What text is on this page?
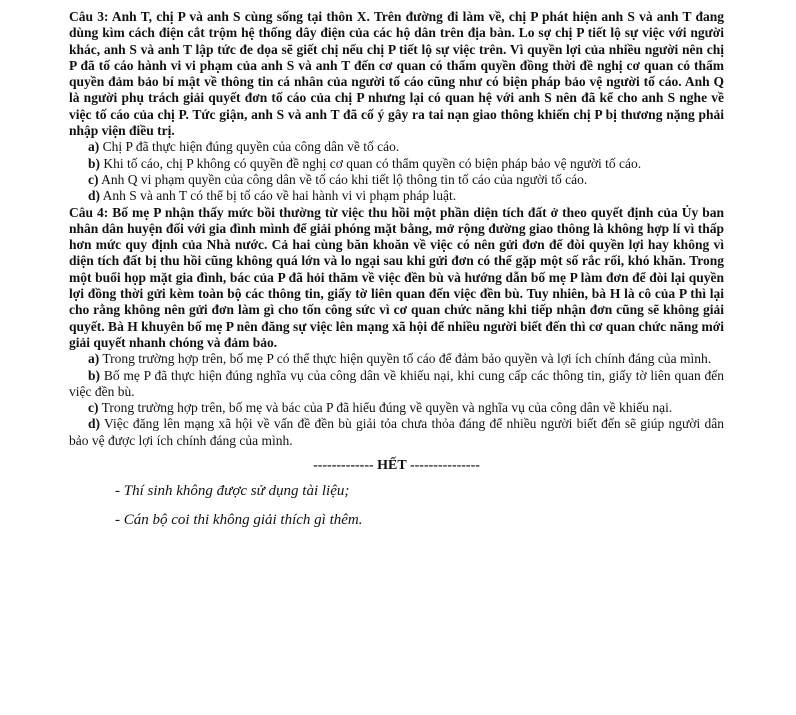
Câu 3: Anh T, chị P và anh S cùng sống tại thôn X. Trên đường đi làm về, chị P phát hiện anh S và anh T đang dùng kìm cách điện cắt trộm hệ thống dây điện của các hộ dân trên địa bàn. Lo sợ chị P tiết lộ sự việc với người khác, anh S và anh T lập tức đe dọa sẽ giết chị nếu chị P tiết lộ sự việc trên. Vì quyền lợi của nhiều người nên chị P đã tố cáo hành vi vi phạm của anh S và anh T đến cơ quan có thẩm quyền đồng thời đề nghị cơ quan có thẩm quyền đảm bảo bí mật về thông tin cá nhân của người tố cáo cũng như có biện pháp bảo vệ người tố cáo. Anh Q là người phụ trách giải quyết đơn tố cáo của chị P nhưng lại có quan hệ với anh S nên đã kể cho anh S nghe về việc tố cáo của chị P. Tức giận, anh S và anh T đã cố ý gây ra tai nạn giao thông khiến chị P bị thương nặng phải nhập viện điều trị.

a) Chị P đã thực hiện đúng quyền của công dân về tố cáo.

b) Khi tố cáo, chị P không có quyền đề nghị cơ quan có thẩm quyền có biện pháp bảo vệ người tố cáo.

c) Anh Q vi phạm quyền của công dân về tố cáo khi tiết lộ thông tin tố cáo của người tố cáo.

d) Anh S và anh T có thể bị tố cáo về hai hành vi vi phạm pháp luật.

Câu 4: Bố mẹ P nhận thấy mức bồi thường từ việc thu hồi một phần diện tích đất ở theo quyết định của Ủy ban nhân dân huyện đối với gia đình mình để giải phóng mặt bằng, mở rộng đường giao thông là không hợp lí vì thấp hơn mức quy định của Nhà nước. Cả hai cùng băn khoăn về việc có nên gửi đơn để đòi quyền lợi hay không vì diện tích đất bị thu hồi cũng không quá lớn và lo ngại sau khi gửi đơn có thể gặp một số rắc rối, khó khăn. Trong một buổi họp mặt gia đình, bác của P đã hỏi thăm về việc đền bù và hướng dẫn bố mẹ P làm đơn để đòi lại quyền lợi đồng thời gửi kèm toàn bộ các thông tin, giấy tờ liên quan đến việc đền bù. Tuy nhiên, bà H là cô của P thì lại cho rằng không nên gửi đơn làm gì cho tốn công sức vì cơ quan chức năng khi tiếp nhận đơn cũng sẽ không giải quyết. Bà H khuyên bố mẹ P nên đăng sự việc lên mạng xã hội để nhiều người biết đến thì cơ quan chức năng mới giải quyết nhanh chóng và đảm bảo.

a) Trong trường hợp trên, bố mẹ P có thể thực hiện quyền tố cáo để đảm bảo quyền và lợi ích chính đáng của mình.

b) Bố mẹ P đã thực hiện đúng nghĩa vụ của công dân về khiếu nại, khi cung cấp các thông tin, giấy tờ liên quan đến việc đền bù.

c) Trong trường hợp trên, bố mẹ và bác của P đã hiểu đúng về quyền và nghĩa vụ của công dân về khiếu nại.

d) Việc đăng lên mạng xã hội về vấn đề đền bù giải tỏa chưa thỏa đáng để nhiều người biết đến sẽ giúp người dân bảo vệ được lợi ích chính đáng của mình.

------------- HẾT ---------------
- Thí sinh không được sử dụng tài liệu;
- Cán bộ coi thi không giải thích gì thêm.
